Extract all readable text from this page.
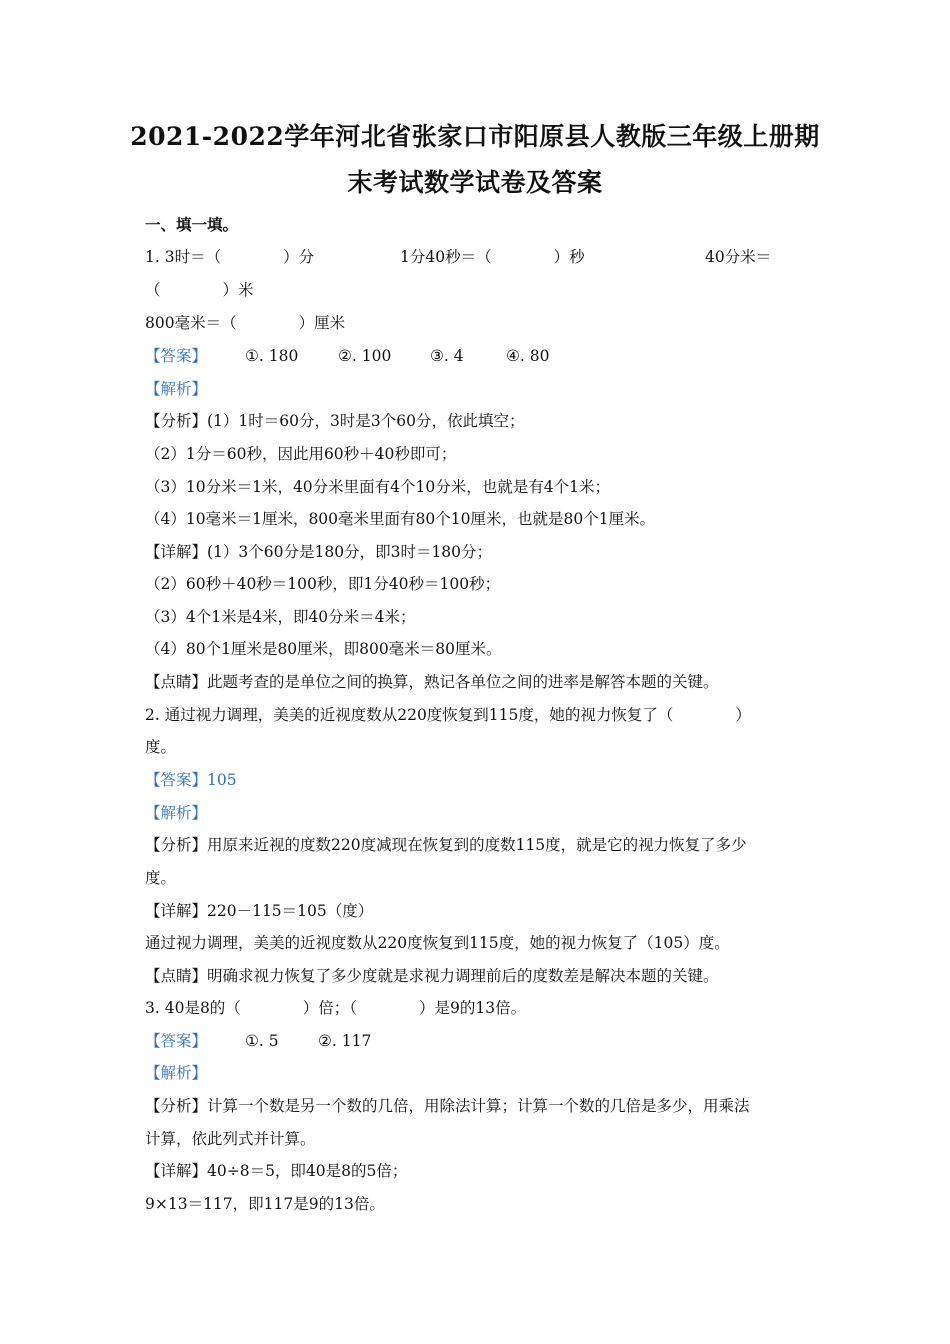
2021-2022学年河北省张家口市阳原县人教版三年级上册期
末考试数学试卷及答案
一、填一填。
1. 3时＝（　　　　）分	1分40秒＝（　　　　）秒	40分米＝
（　　　　）米
800毫米＝（　　　　）厘米
【答案】 ①. 180	②. 100 ③. 4	④. 80
【解析】
【分析】(1）1时＝60分，3时是3个60分，依此填空；
（2）1分＝60秒，因此用60秒＋40秒即可；
（3）10分米＝1米，40分米里面有4个10分米，也就是有4个1米；
（4）10毫米＝1厘米，800毫米里面有80个10厘米，也就是80个1厘米。
【详解】(1）3个60分是180分，即3时＝180分；
（2）60秒＋40秒＝100秒，即1分40秒＝100秒；
（3）4个1米是4米，即40分米＝4米；
（4）80个1厘米是80厘米，即800毫米＝80厘米。
【点睛】此题考查的是单位之间的换算，熟记各单位之间的进率是解答本题的关键。
2. 通过视力调理，美美的近视度数从220度恢复到115度，她的视力恢复了（　　　　）
度。
【答案】105
【解析】
【分析】用原来近视的度数220度减现在恢复到的度数115度，就是它的视力恢复了多少
度。
【详解】220－115＝105（度）
通过视力调理，美美的近视度数从220度恢复到115度，她的视力恢复了（105）度。
【点睛】明确求视力恢复了多少度就是求视力调理前后的度数差是解决本题的关键。
3. 40是8的（　　　　）倍；（　　　　）是9的13倍。
【答案】 ①. 5	②. 117
【解析】
【分析】计算一个数是另一个数的几倍，用除法计算；计算一个数的几倍是多少，用乘法
计算，依此列式并计算。
【详解】40÷8＝5，即40是8的5倍；
9×13＝117，即117是9的13倍。
